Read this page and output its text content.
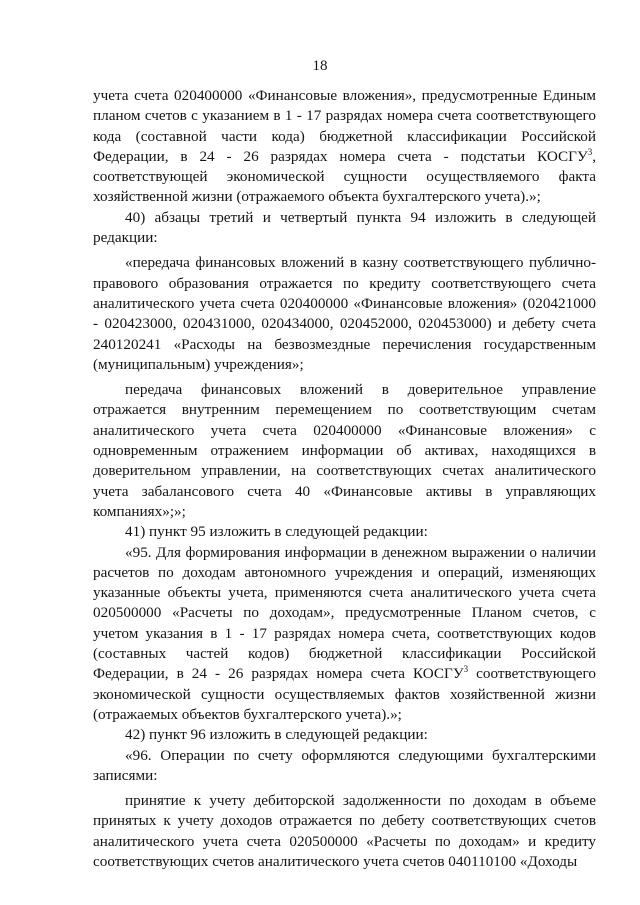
18

учета счета 020400000 «Финансовые вложения», предусмотренные Единым планом счетов с указанием в 1 - 17 разрядах номера счета соответствующего кода (составной части кода) бюджетной классификации Российской Федерации, в 24 - 26 разрядах номера счета - подстатьи КОСГУ$^3$, соответствующей экономической сущности осуществляемого факта хозяйственной жизни (отражаемого объекта бухгалтерского учета).»;

40) абзацы третий и четвертый пункта 94 изложить в следующей редакции:

«передача финансовых вложений в казну соответствующего публично-правового образования отражается по кредиту соответствующего счета аналитического учета счета 020400000 «Финансовые вложения» (020421000 - 020423000, 020431000, 020434000, 020452000, 020453000) и дебету счета 240120241 «Расходы на безвозмездные перечисления государственным (муниципальным) учреждения»;

передача финансовых вложений в доверительное управление отражается внутренним перемещением по соответствующим счетам аналитического учета счета 020400000 «Финансовые вложения» с одновременным отражением информации об активах, находящихся в доверительном управлении, на соответствующих счетах аналитического учета забалансового счета 40 «Финансовые активы в управляющих компаниях»;»;

41) пункт 95 изложить в следующей редакции:

«95. Для формирования информации в денежном выражении о наличии расчетов по доходам автономного учреждения и операций, изменяющих указанные объекты учета, применяются счета аналитического учета счета 020500000 «Расчеты по доходам», предусмотренные Планом счетов, с учетом указания в 1 - 17 разрядах номера счета, соответствующих кодов (составных частей кодов) бюджетной классификации Российской Федерации, в 24 - 26 разрядах номера счета КОСГУ$^3$ соответствующего экономической сущности осуществляемых фактов хозяйственной жизни (отражаемых объектов бухгалтерского учета).»;

42) пункт 96 изложить в следующей редакции:

«96. Операции по счету оформляются следующими бухгалтерскими записями:

принятие к учету дебиторской задолженности по доходам в объеме принятых к учету доходов отражается по дебету соответствующих счетов аналитического учета счета 020500000 «Расчеты по доходам» и кредиту соответствующих счетов аналитического учета счетов 040110100 «Доходы
